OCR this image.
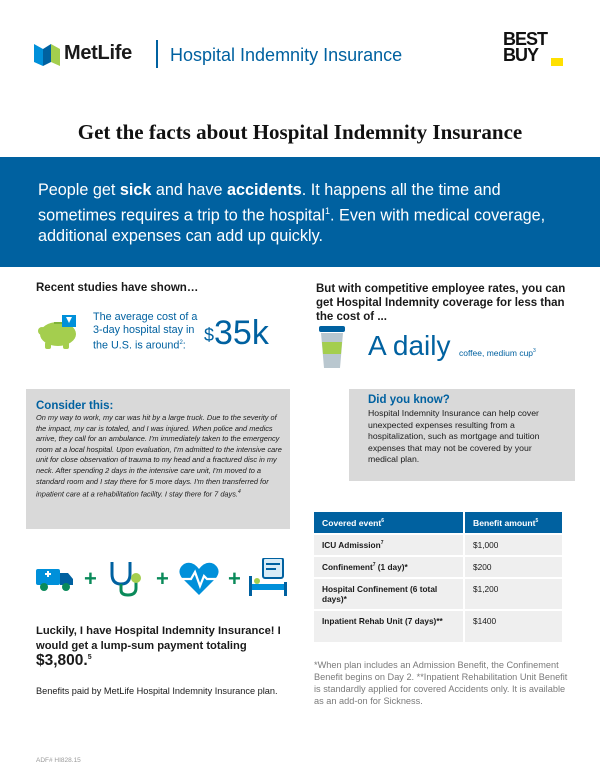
MetLife Hospital Indemnity Insurance
BEST
BUY
Get the facts about Hospital Indemnity Insurance
People get sick and have accidents. It happens all the time and sometimes requires a trip to the hospital$^1$. Even with medical coverage, additional expenses can add up quickly.
Recent studies have shown…
The average cost of a 3-day hospital stay in the U.S. is around$^2$:
$35k
Consider this:
On my way to work, my car was hit by a large truck. Due to the severity of the impact, my car is totaled, and I was injured. When police and medics arrive, they call for an ambulance. I'm immediately taken to the emergency room at a local hospital. Upon evaluation, I'm admitted to the intensive care unit for close observation of trauma to my head and a fractured disc in my neck. After spending 2 days in the intensive care unit, I'm moved to a standard room and I stay there for 5 more days. I'm then transferred for inpatient care at a rehabilitation facility. I stay there for 7 days.$^4$
+	+	+
Luckily, I have Hospital Indemnity Insurance! I would get a lump-sum payment totaling
$3,800.$^5$
Benefits paid by MetLife Hospital Indemnity Insurance plan.
ADF# HI828.15
But with competitive employee rates, you can get Hospital Indemnity coverage for less than the cost of ...
A daily coffee, medium cup$^3$
Did you know?
Hospital Indemnity Insurance can help cover unexpected expenses resulting from a hospitalization, such as mortgage and tuition expenses that may not be covered by your medical plan.
Covered event$^6$	Benefit amount$^5$
ICU Admission$^7$	$1,000
Confinement$^7$ (1 day)*	$200
Hospital Confinement (6 total days)*	$1,200
Inpatient Rehab Unit (7 days)**	$1400
*When plan includes an Admission Benefit, the Confinement Benefit begins on Day 2. **Inpatient Rehabilitation Unit Benefit is standardly applied for covered Accidents only. It is available as an add-on for Sickness.
